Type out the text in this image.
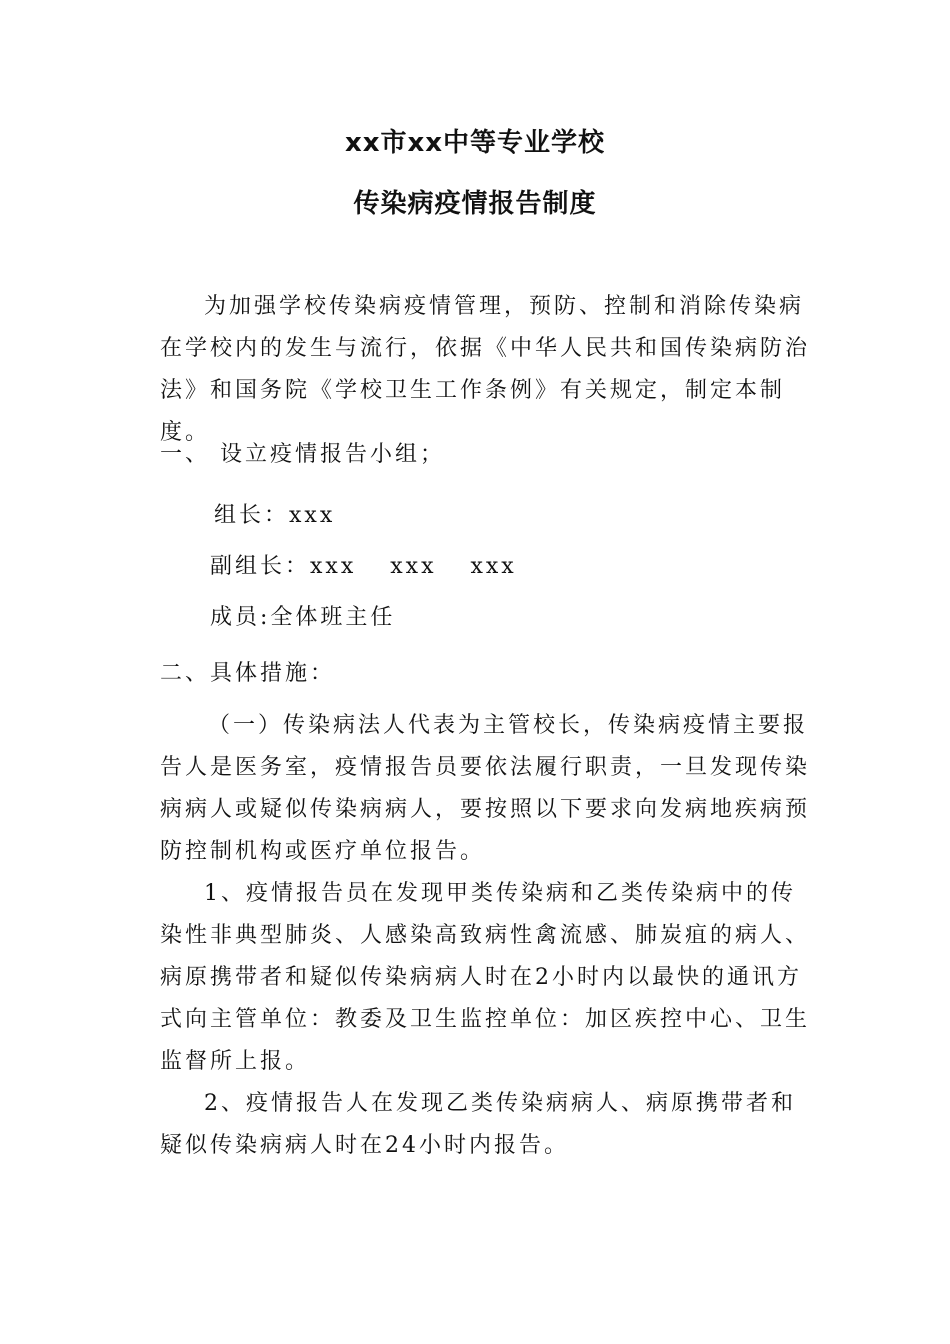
xx市xx中等专业学校
传染病疫情报告制度
为加强学校传染病疫情管理，预防、控制和消除传染病在学校内的发生与流行，依据《中华人民共和国传染病防治法》和国务院《学校卫生工作条例》有关规定，制定本制度。
一、 设立疫情报告小组；
组长：xxx
副组长：xxx xxx xxx
成员:全体班主任
二、具体措施：
（一）传染病法人代表为主管校长，传染病疫情主要报告人是医务室，疫情报告员要依法履行职责，一旦发现传染病病人或疑似传染病病人，要按照以下要求向发病地疾病预防控制机构或医疗单位报告。
1、疫情报告员在发现甲类传染病和乙类传染病中的传染性非典型肺炎、人感染高致病性禽流感、肺炭疽的病人、病原携带者和疑似传染病病人时在2小时内以最快的通讯方式向主管单位：教委及卫生监控单位：加区疾控中心、卫生监督所上报。
2、疫情报告人在发现乙类传染病病人、病原携带者和疑似传染病病人时在24小时内报告。
